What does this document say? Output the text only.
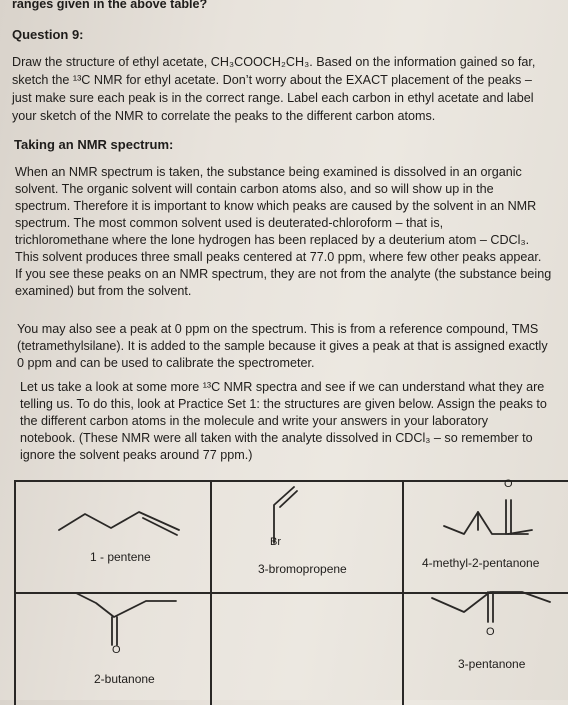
ranges given in the above table?
Question 9:
Draw the structure of ethyl acetate, CH₃COOCH₂CH₃. Based on the information gained so far,
sketch the ¹³C NMR for ethyl acetate. Don’t worry about the EXACT placement of the peaks –
just make sure each peak is in the correct range. Label each carbon in ethyl acetate and label
your sketch of the NMR to correlate the peaks to the different carbon atoms.
Taking an NMR spectrum:
When an NMR spectrum is taken, the substance being examined is dissolved in an organic
solvent. The organic solvent will contain carbon atoms also, and so will show up in the
spectrum. Therefore it is important to know which peaks are caused by the solvent in an NMR
spectrum. The most common solvent used is deuterated-chloroform – that is,
trichloromethane where the lone hydrogen has been replaced by a deuterium atom – CDCl₃.
This solvent produces three small peaks centered at 77.0 ppm, where few other peaks appear.
If you see these peaks on an NMR spectrum, they are not from the analyte (the substance being
examined) but from the solvent.
You may also see a peak at 0 ppm on the spectrum. This is from a reference compound, TMS
(tetramethylsilane). It is added to the sample because it gives a peak at that is assigned exactly
0 ppm and can be used to calibrate the spectrometer.
Let us take a look at some more ¹³C NMR spectra and see if we can understand what they are
telling us. To do this, look at Practice Set 1: the structures are given below. Assign the peaks to
the different carbon atoms in the molecule and write your answers in your laboratory
notebook. (These NMR were all taken with the analyte dissolved in CDCl₃ – so remember to
ignore the solvent peaks around 77 ppm.)
1 - pentene
Br
3-bromopropene
O
4-methyl-2-pentanone
O
2-butanone
O
3-pentanone
